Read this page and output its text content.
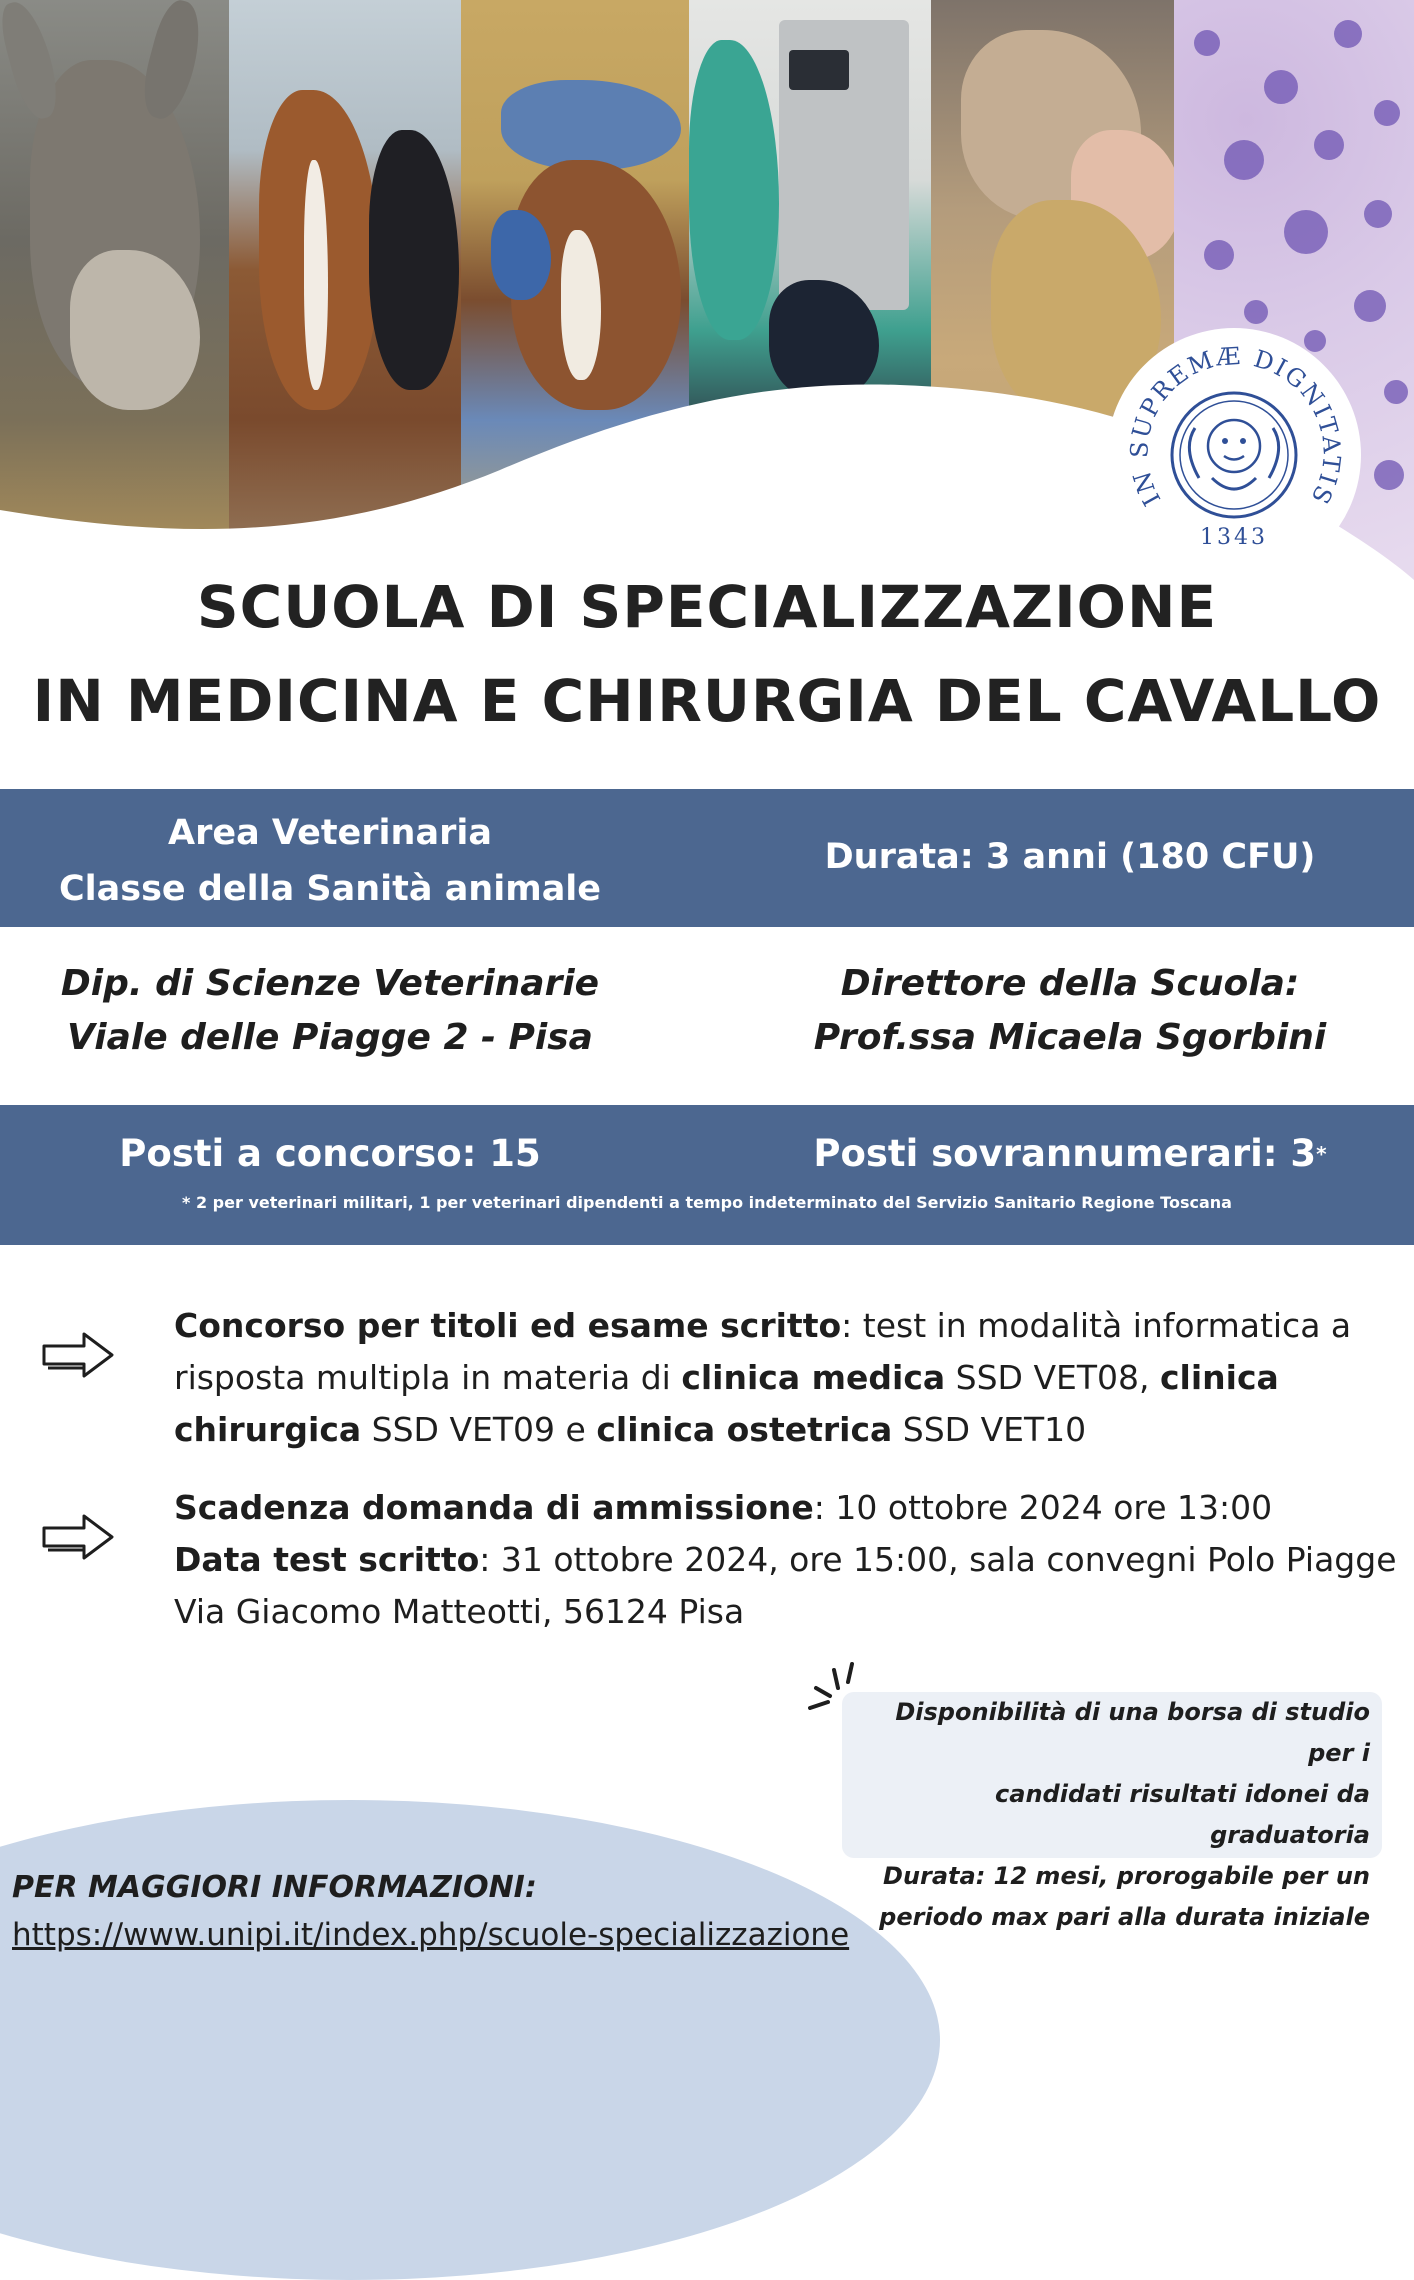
IN SUPREMÆ DIGNITATIS
1343
SCUOLA DI SPECIALIZZAZIONE
IN MEDICINA E CHIRURGIA DEL CAVALLO
Area Veterinaria
Classe della Sanità animale
Durata: 3 anni (180 CFU)
Dip. di Scienze Veterinarie
Viale delle Piagge 2 - Pisa
Direttore della Scuola:
Prof.ssa Micaela Sgorbini
Posti a concorso: 15	Posti sovrannumerari: 3*
* 2 per veterinari militari, 1 per veterinari dipendenti a tempo indeterminato del Servizio Sanitario Regione Toscana
Concorso per titoli ed esame scritto: test in modalità informatica a risposta multipla in materia di clinica medica SSD VET08, clinica chirurgica SSD VET09 e clinica ostetrica SSD VET10
Scadenza domanda di ammissione: 10 ottobre 2024 ore 13:00
Data test scritto: 31 ottobre 2024, ore 15:00, sala convegni Polo Piagge
Via Giacomo Matteotti, 56124 Pisa
Disponibilità di una borsa di studio per i
candidati risultati idonei da graduatoria
Durata: 12 mesi, prorogabile per un
periodo max pari alla durata iniziale
PER MAGGIORI INFORMAZIONI:
https://www.unipi.it/index.php/scuole-specializzazione
